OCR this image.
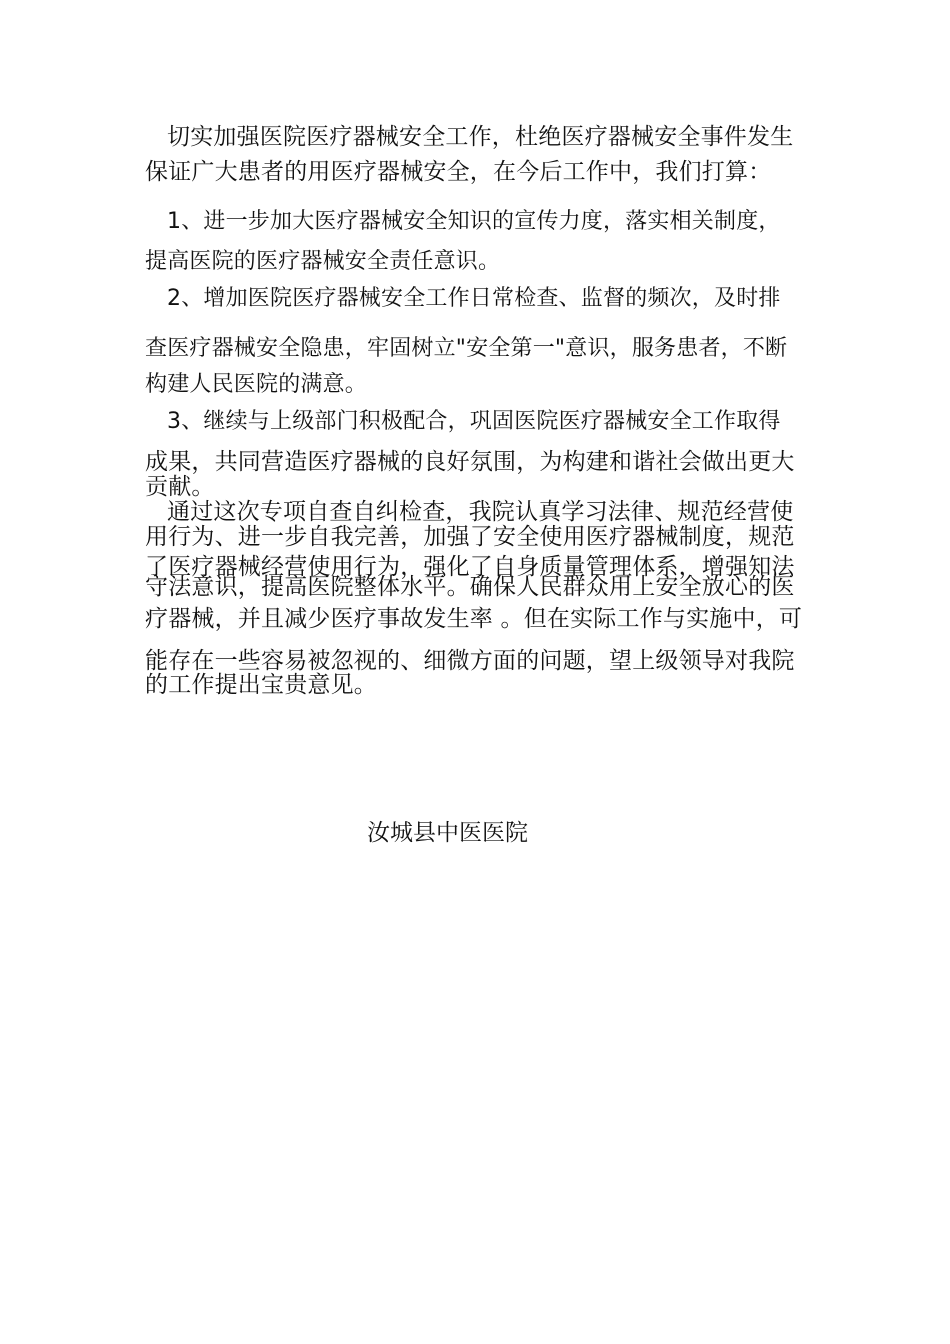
切实加强医院医疗器械安全工作，杜绝医疗器械安全事件发生
保证广大患者的用医疗器械安全，在今后工作中，我们打算：
1、进一步加大医疗器械安全知识的宣传力度，落实相关制度，
提高医院的医疗器械安全责任意识。
2、增加医院医疗器械安全工作日常检查、监督的频次，及时排
查医疗器械安全隐患，牢固树立"安全第一"意识，服务患者，不断
构建人民医院的满意。
3、继续与上级部门积极配合，巩固医院医疗器械安全工作取得
成果，共同营造医疗器械的良好氛围，为构建和谐社会做出更大
贡献。
通过这次专项自查自纠检查，我院认真学习法律、规范经营使
用行为、进一步自我完善，加强了安全使用医疗器械制度，规范
了医疗器械经营使用行为，强化了自身质量管理体系，增强知法
守法意识，提高医院整体水平。确保人民群众用上安全放心的医
疗器械，并且减少医疗事故发生率 。但在实际工作与实施中，可
能存在一些容易被忽视的、细微方面的问题，望上级领导对我院
的工作提出宝贵意见。
汝城县中医医院
